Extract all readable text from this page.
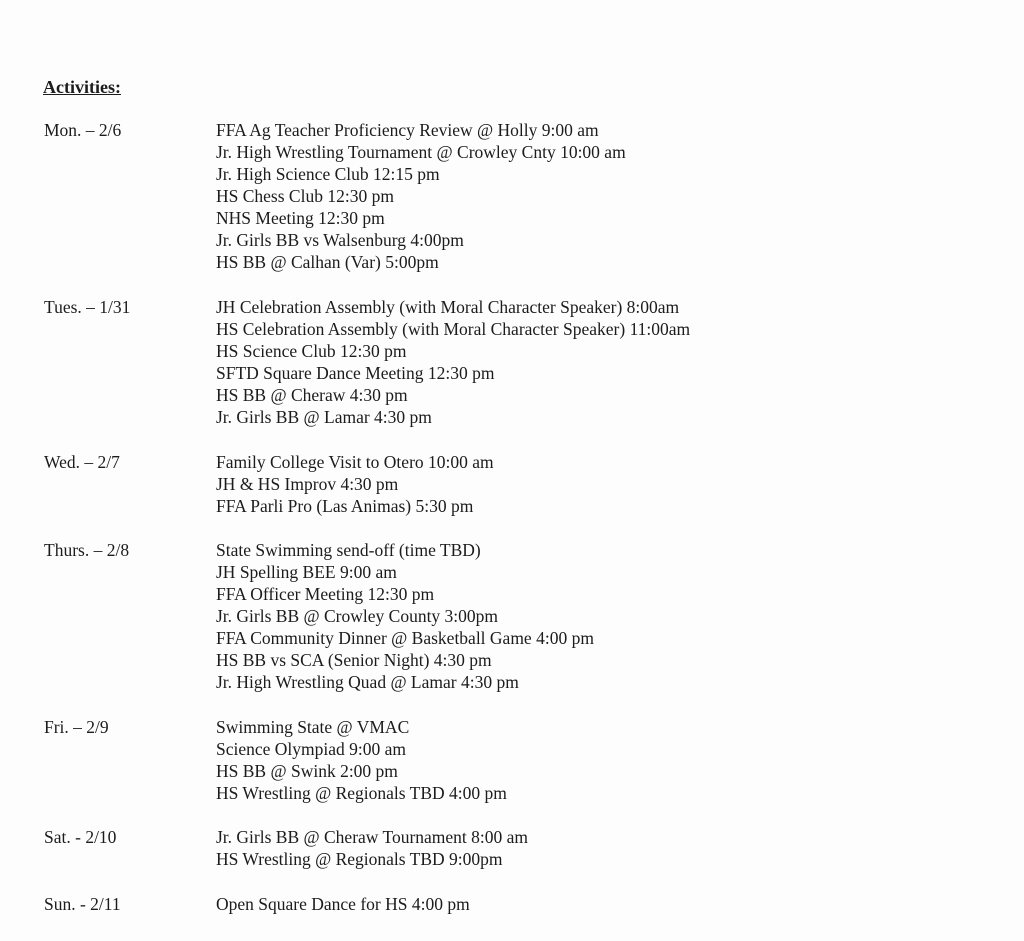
Activities:
Mon. – 2/6	FFA Ag Teacher Proficiency Review @ Holly 9:00 am
Jr. High Wrestling Tournament @ Crowley Cnty 10:00 am
Jr. High Science Club 12:15 pm
HS Chess Club 12:30 pm
NHS Meeting 12:30 pm
Jr. Girls BB vs Walsenburg 4:00pm
HS BB @ Calhan (Var) 5:00pm
Tues. – 1/31	JH Celebration Assembly (with Moral Character Speaker) 8:00am
HS Celebration Assembly (with Moral Character Speaker) 11:00am
HS Science Club 12:30 pm
SFTD Square Dance Meeting 12:30 pm
HS BB @ Cheraw 4:30 pm
Jr. Girls BB @ Lamar 4:30 pm
Wed. – 2/7	Family College Visit to Otero 10:00 am
JH & HS Improv 4:30 pm
FFA Parli Pro (Las Animas) 5:30 pm
Thurs. – 2/8	State Swimming send-off (time TBD)
JH Spelling BEE 9:00 am
FFA Officer Meeting 12:30 pm
Jr. Girls BB @ Crowley County 3:00pm
FFA Community Dinner @ Basketball Game 4:00 pm
HS BB vs SCA (Senior Night) 4:30 pm
Jr. High Wrestling Quad @ Lamar 4:30 pm
Fri. – 2/9	Swimming State @ VMAC
Science Olympiad 9:00 am
HS BB @ Swink 2:00 pm
HS Wrestling @ Regionals TBD 4:00 pm
Sat. - 2/10	Jr. Girls BB @ Cheraw Tournament 8:00 am
HS Wrestling @ Regionals TBD 9:00pm
Sun. - 2/11	Open Square Dance for HS 4:00 pm
